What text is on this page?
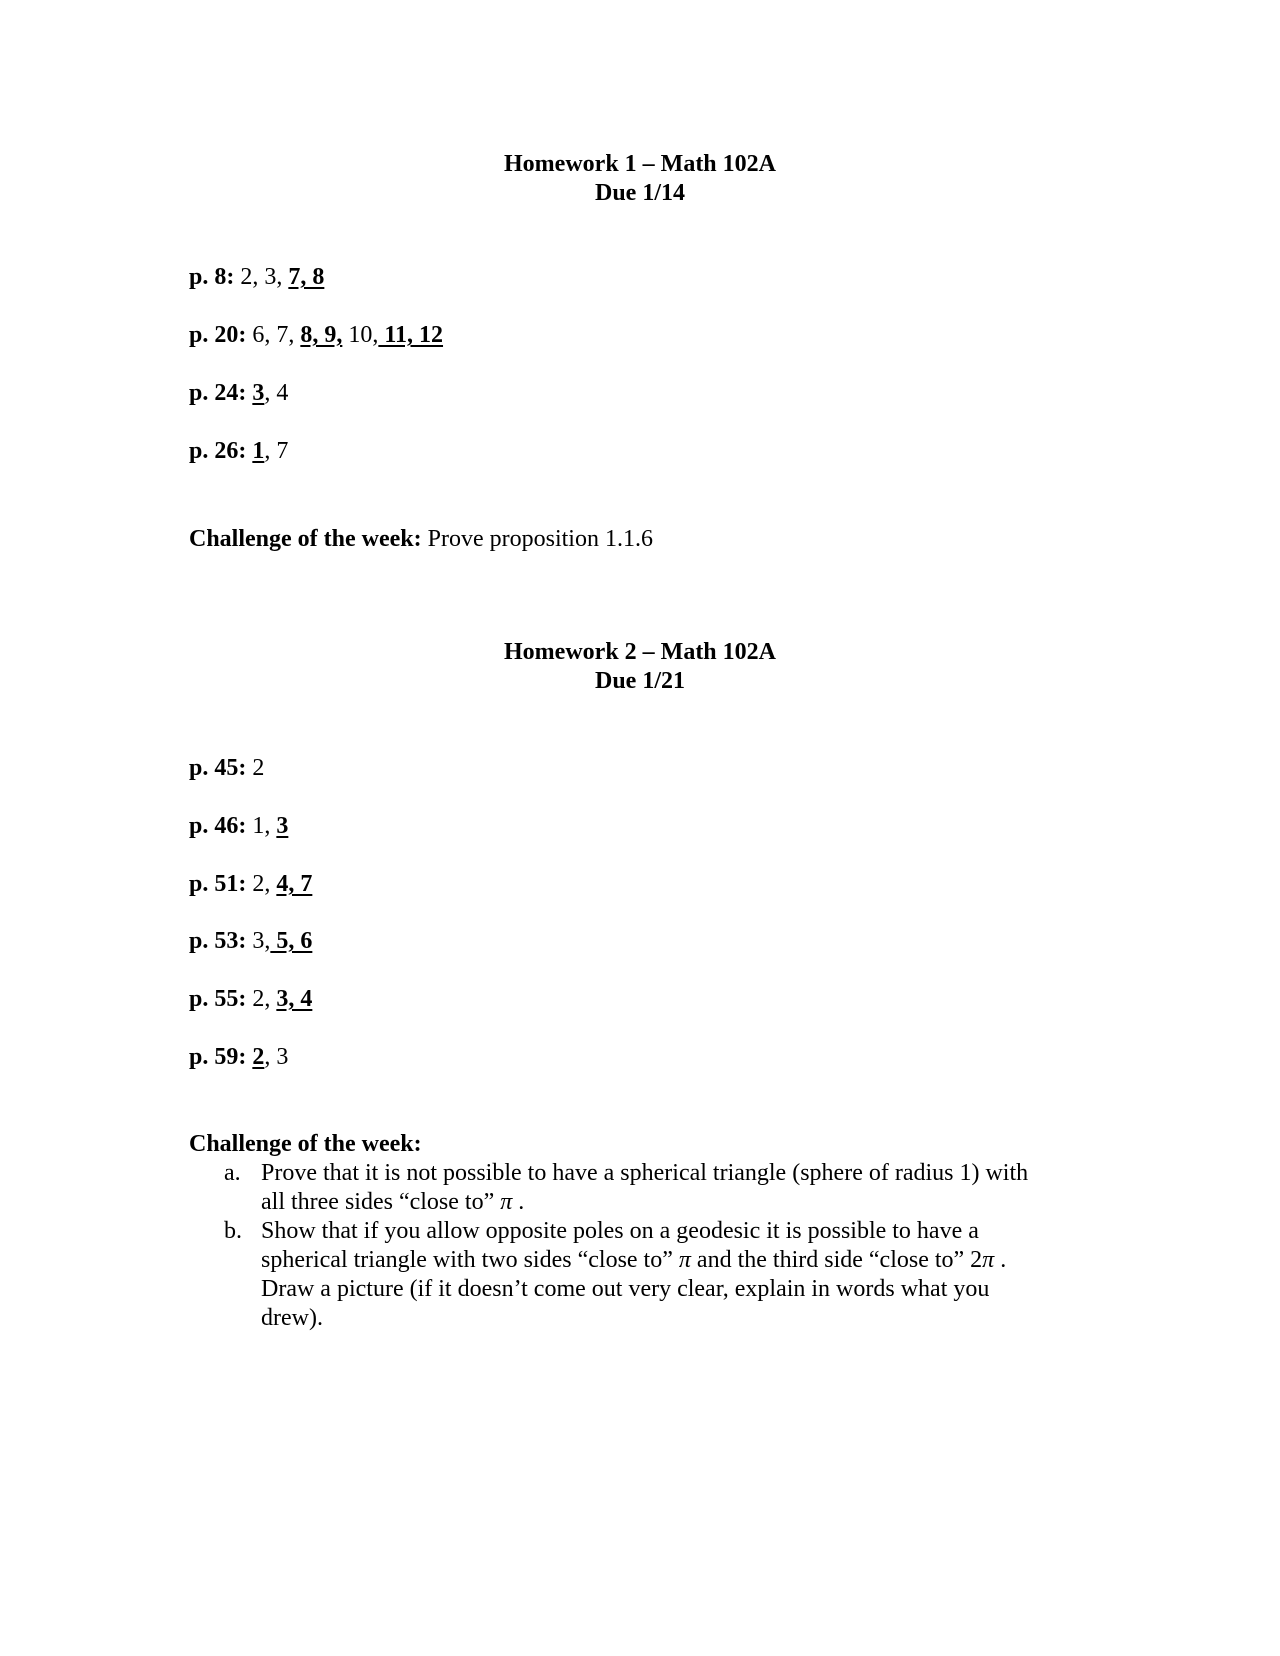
Homework 1 – Math 102A
Due 1/14
p. 8: 2, 3, 7, 8
p. 20: 6, 7, 8, 9, 10, 11, 12
p. 24: 3, 4
p. 26: 1, 7
Challenge of the week: Prove proposition 1.1.6
Homework 2 – Math 102A
Due 1/21
p. 45: 2
p. 46: 1, 3
p. 51: 2, 4, 7
p. 53: 3, 5, 6
p. 55: 2, 3, 4
p. 59: 2, 3
Challenge of the week:
a. Prove that it is not possible to have a spherical triangle (sphere of radius 1) with
all three sides “close to” π .
b. Show that if you allow opposite poles on a geodesic it is possible to have a
spherical triangle with two sides “close to” π and the third side “close to” 2π .
Draw a picture (if it doesn’t come out very clear, explain in words what you
drew).
